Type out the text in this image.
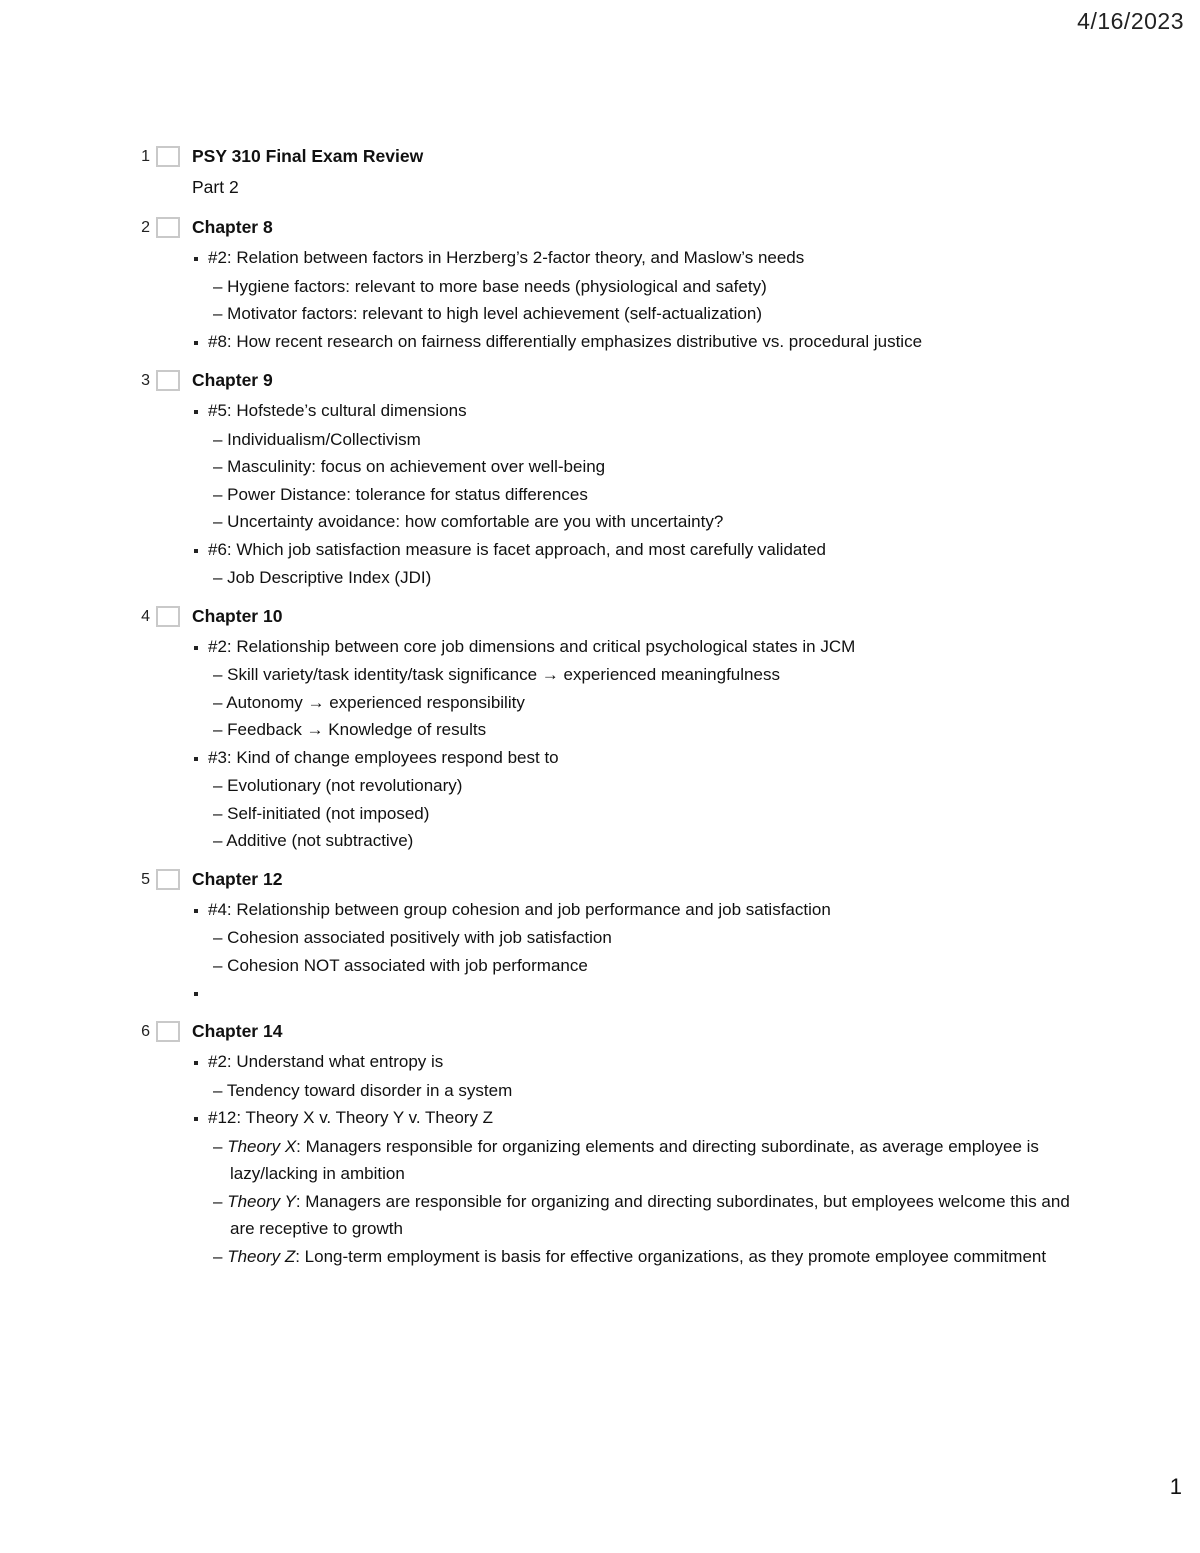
4/16/2023
1 PSY 310 Final Exam Review
Part 2
2 Chapter 8
#2: Relation between factors in Herzberg’s 2-factor theory, and Maslow’s needs
– Hygiene factors: relevant to more base needs (physiological and safety)
– Motivator factors: relevant to high level achievement (self-actualization)
#8: How recent research on fairness differentially emphasizes distributive vs. procedural justice
3 Chapter 9
#5: Hofstede’s cultural dimensions
– Individualism/Collectivism
– Masculinity: focus on achievement over well-being
– Power Distance: tolerance for status differences
– Uncertainty avoidance: how comfortable are you with uncertainty?
#6: Which job satisfaction measure is facet approach, and most carefully validated
– Job Descriptive Index (JDI)
4 Chapter 10
#2: Relationship between core job dimensions and critical psychological states in JCM
– Skill variety/task identity/task significance → experienced meaningfulness
– Autonomy → experienced responsibility
– Feedback → Knowledge of results
#3: Kind of change employees respond best to
– Evolutionary (not revolutionary)
– Self-initiated (not imposed)
– Additive (not subtractive)
5 Chapter 12
#4: Relationship between group cohesion and job performance and job satisfaction
– Cohesion associated positively with job satisfaction
– Cohesion NOT associated with job performance
6 Chapter 14
#2: Understand what entropy is
– Tendency toward disorder in a system
#12: Theory X v. Theory Y v. Theory Z
– Theory X: Managers responsible for organizing elements and directing subordinate, as average employee is lazy/lacking in ambition
– Theory Y: Managers are responsible for organizing and directing subordinates, but employees welcome this and are receptive to growth
– Theory Z: Long-term employment is basis for effective organizations, as they promote employee commitment
1
